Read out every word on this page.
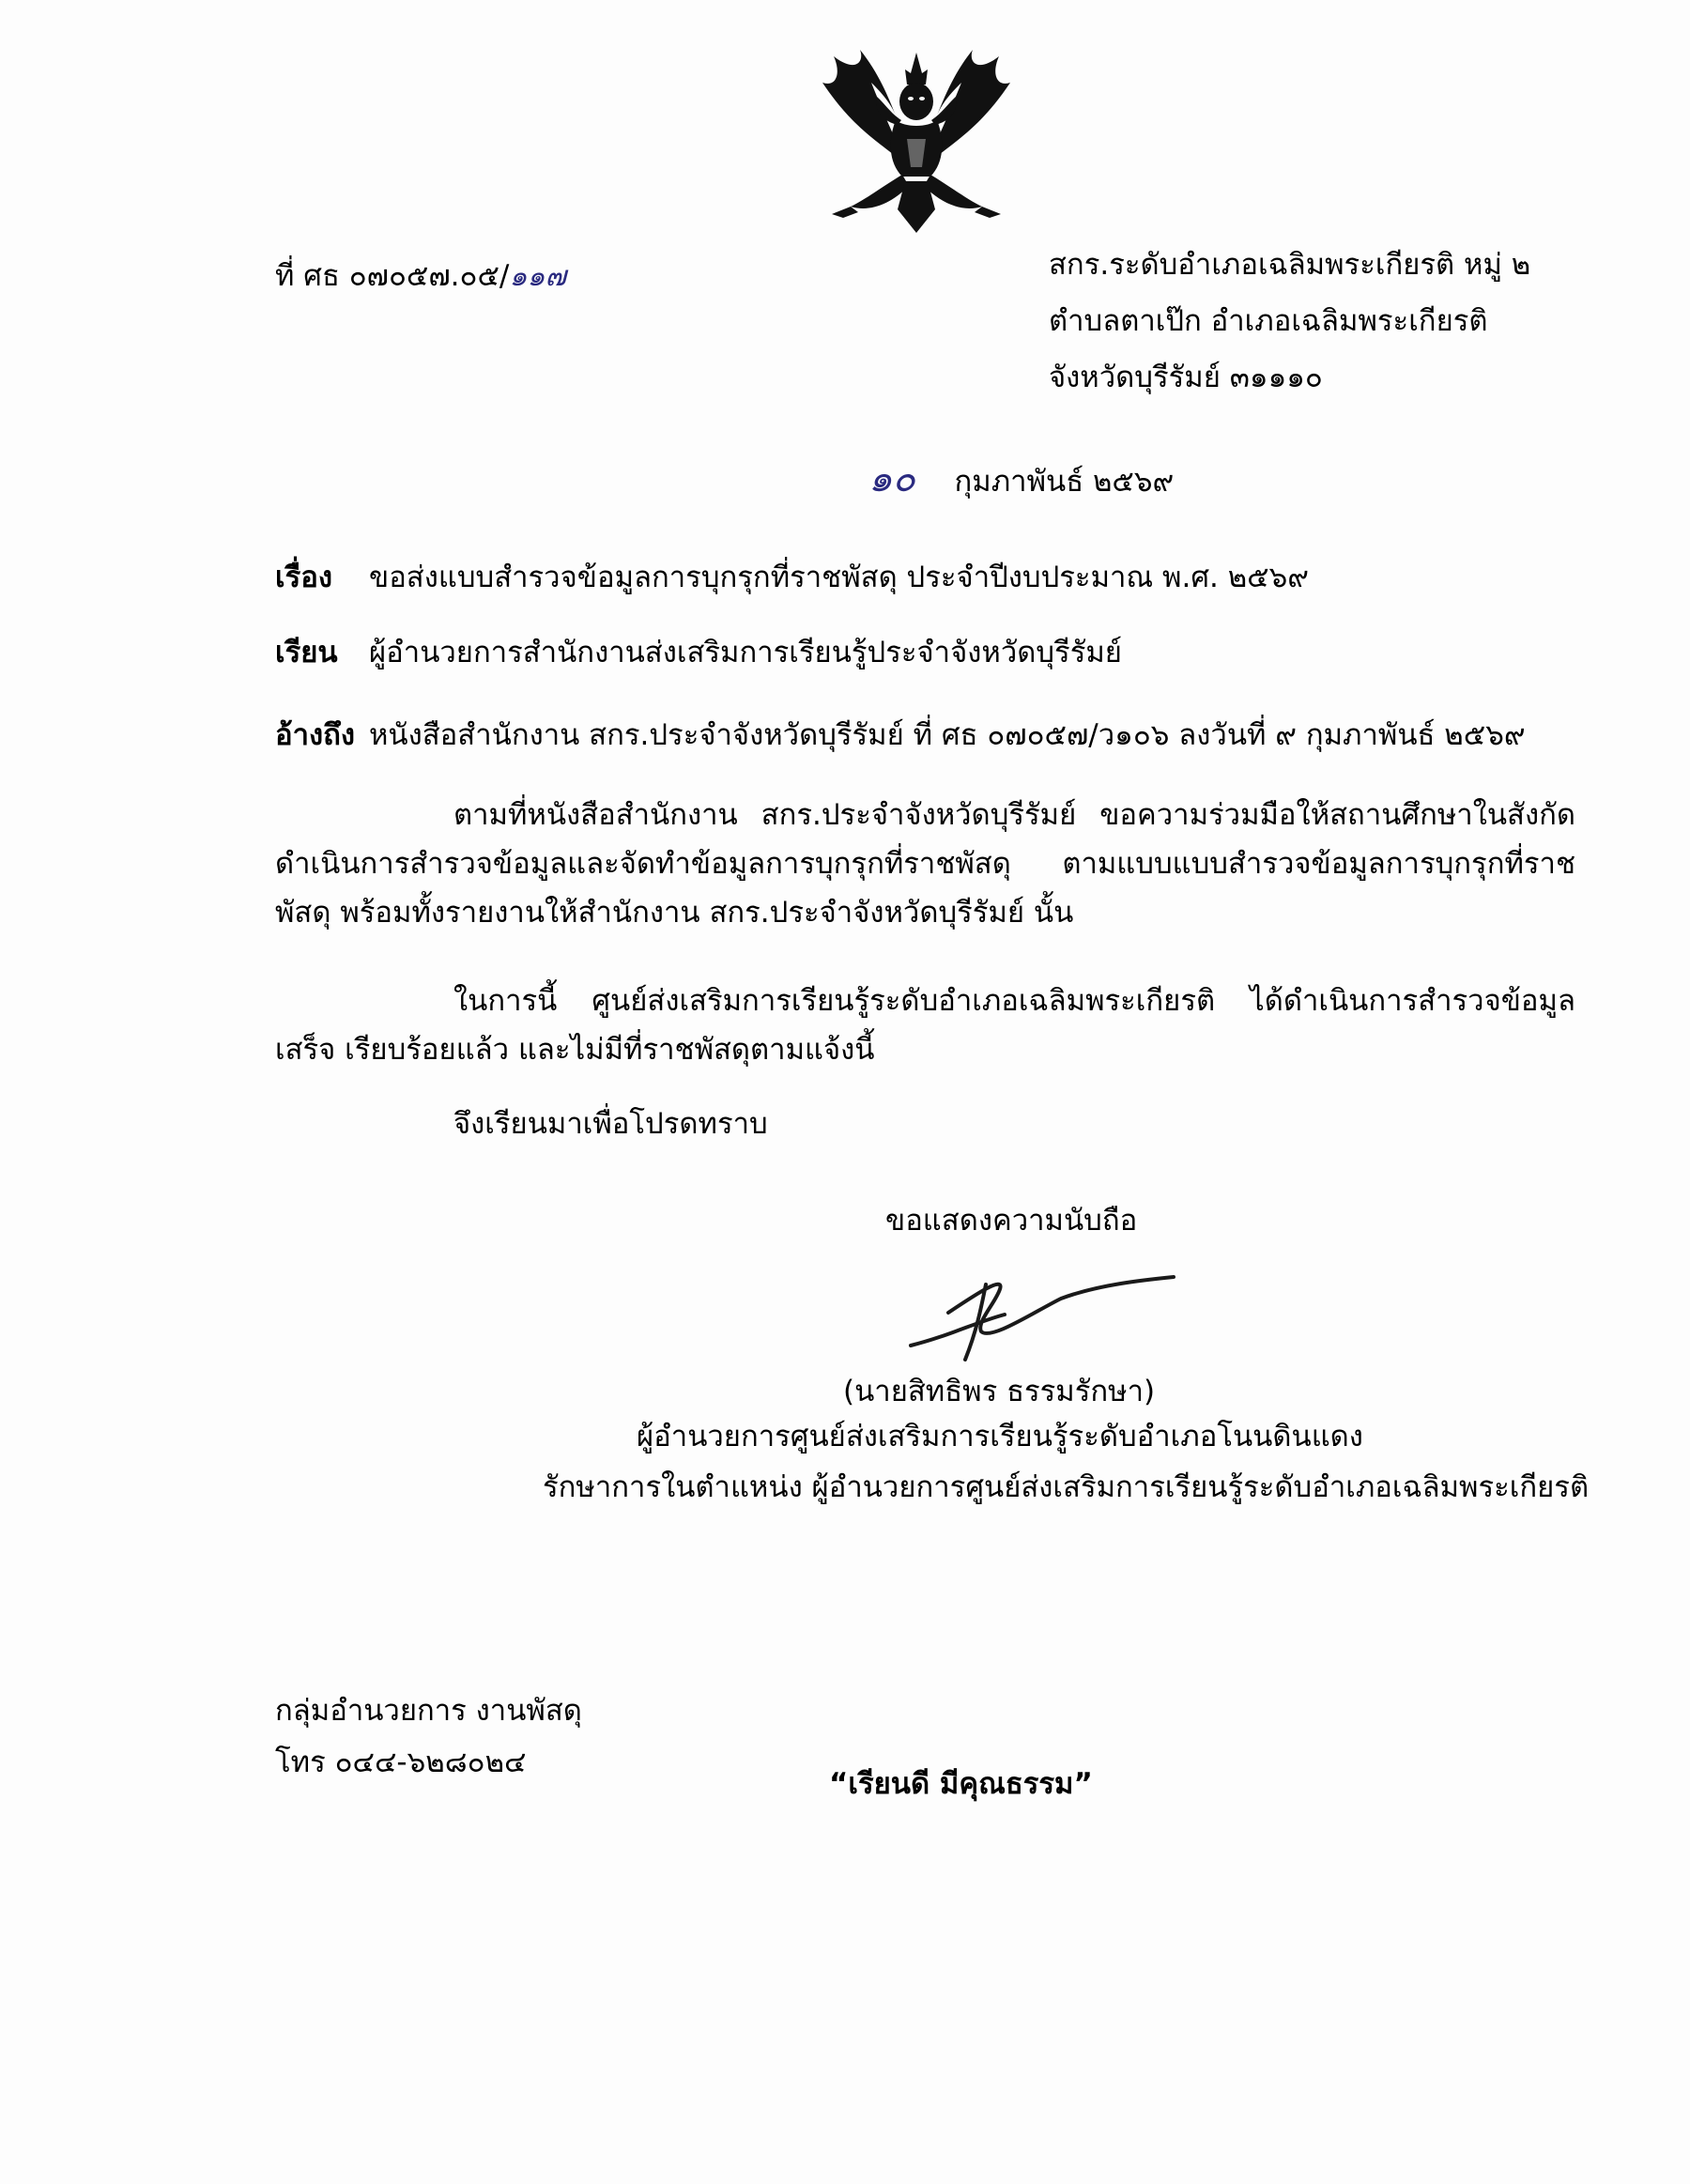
ที่ ศธ ๐๗๐๕๗.๐๕/๑๑๗	สกร.ระดับอำเภอเฉลิมพระเกียรติ หมู่ ๒
ตำบลตาเป๊ก อำเภอเฉลิมพระเกียรติ
จังหวัดบุรีรัมย์ ๓๑๑๑๐
๑๐ กุมภาพันธ์ ๒๕๖๙
เรื่อง ขอส่งแบบสำรวจข้อมูลการบุกรุกที่ราชพัสดุ ประจำปีงบประมาณ พ.ศ. ๒๕๖๙
เรียน ผู้อำนวยการสำนักงานส่งเสริมการเรียนรู้ประจำจังหวัดบุรีรัมย์
อ้างถึง หนังสือสำนักงาน สกร.ประจำจังหวัดบุรีรัมย์ ที่ ศธ ๐๗๐๕๗/ว๑๐๖ ลงวันที่ ๙ กุมภาพันธ์ ๒๕๖๙
ตามที่หนังสือสำนักงาน สกร.ประจำจังหวัดบุรีรัมย์ ขอความร่วมมือให้สถานศึกษาในสังกัด ดำเนินการสำรวจข้อมูลและจัดทำข้อมูลการบุกรุกที่ราชพัสดุ ตามแบบแบบสำรวจข้อมูลการบุกรุกที่ราชพัสดุ พร้อมทั้งรายงานให้สำนักงาน สกร.ประจำจังหวัดบุรีรัมย์ นั้น
ในการนี้ ศูนย์ส่งเสริมการเรียนรู้ระดับอำเภอเฉลิมพระเกียรติ ได้ดำเนินการสำรวจข้อมูลเสร็จ เรียบร้อยแล้ว และไม่มีที่ราชพัสดุตามแจ้งนี้
จึงเรียนมาเพื่อโปรดทราบ
ขอแสดงความนับถือ
(นายสิทธิพร ธรรมรักษา)
ผู้อำนวยการศูนย์ส่งเสริมการเรียนรู้ระดับอำเภอโนนดินแดง
รักษาการในตำแหน่ง ผู้อำนวยการศูนย์ส่งเสริมการเรียนรู้ระดับอำเภอเฉลิมพระเกียรติ
กลุ่มอำนวยการ งานพัสดุ
โทร ๐๔๔-๖๒๘๐๒๔
“เรียนดี มีคุณธรรม”
